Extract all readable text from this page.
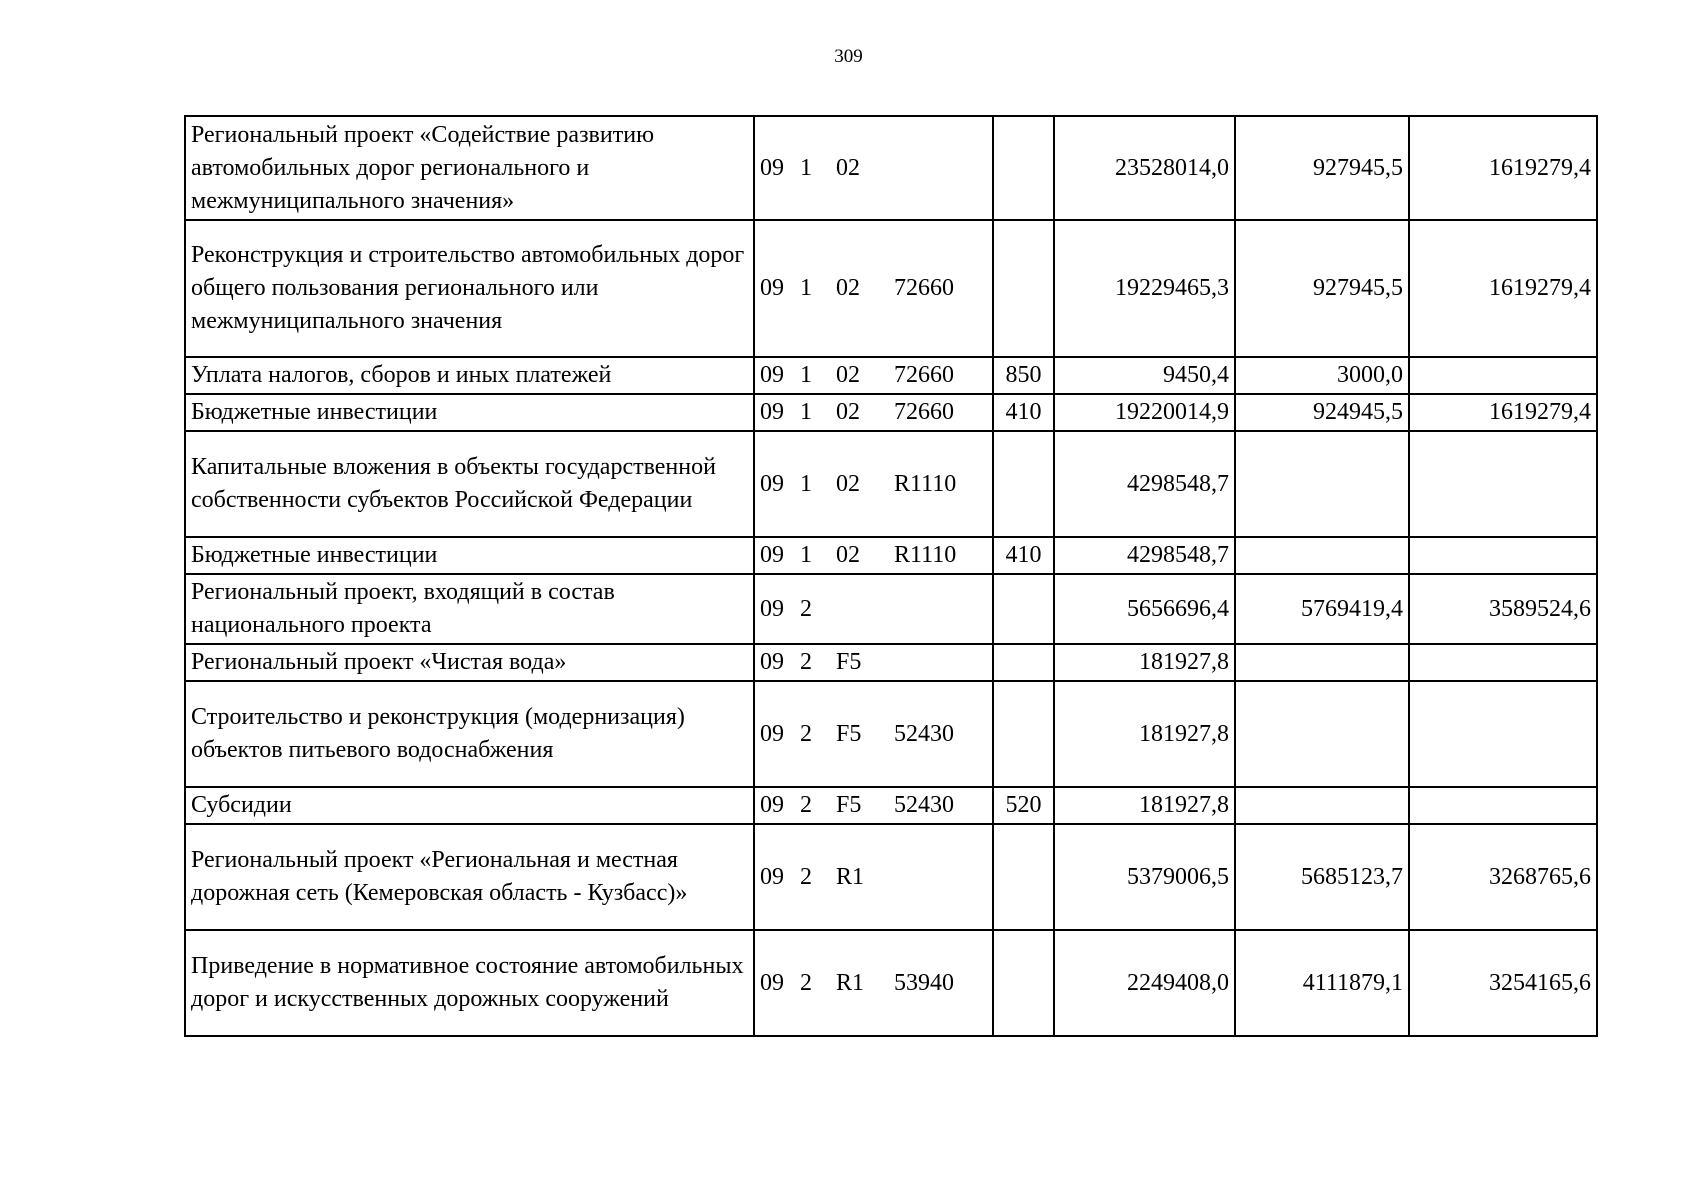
309
Региональный проект «Содействие развитию автомобильных дорог регионального и межмуниципального значения»	09 1 02		23528014,0	927945,5	1619279,4
Реконструкция и строительство автомобильных дорог общего пользования регионального или межмуниципального значения	09 1 02 72660		19229465,3	927945,5	1619279,4
Уплата налогов, сборов и иных платежей	09 1 02 72660	850	9450,4	3000,0	
Бюджетные инвестиции	09 1 02 72660	410	19220014,9	924945,5	1619279,4
Капитальные вложения в объекты государственной собственности субъектов Российской Федерации	09 1 02 R1110		4298548,7		
Бюджетные инвестиции	09 1 02 R1110	410	4298548,7		
Региональный проект, входящий в состав национального проекта	09 2		5656696,4	5769419,4	3589524,6
Региональный проект «Чистая вода»	09 2 F5		181927,8		
Строительство и реконструкция (модернизация) объектов питьевого водоснабжения	09 2 F5 52430		181927,8		
Субсидии	09 2 F5 52430	520	181927,8		
Региональный проект «Региональная и местная дорожная сеть (Кемеровская область - Кузбасс)»	09 2 R1		5379006,5	5685123,7	3268765,6
Приведение в нормативное состояние автомобильных дорог и искусственных дорожных сооружений	09 2 R1 53940		2249408,0	4111879,1	3254165,6
